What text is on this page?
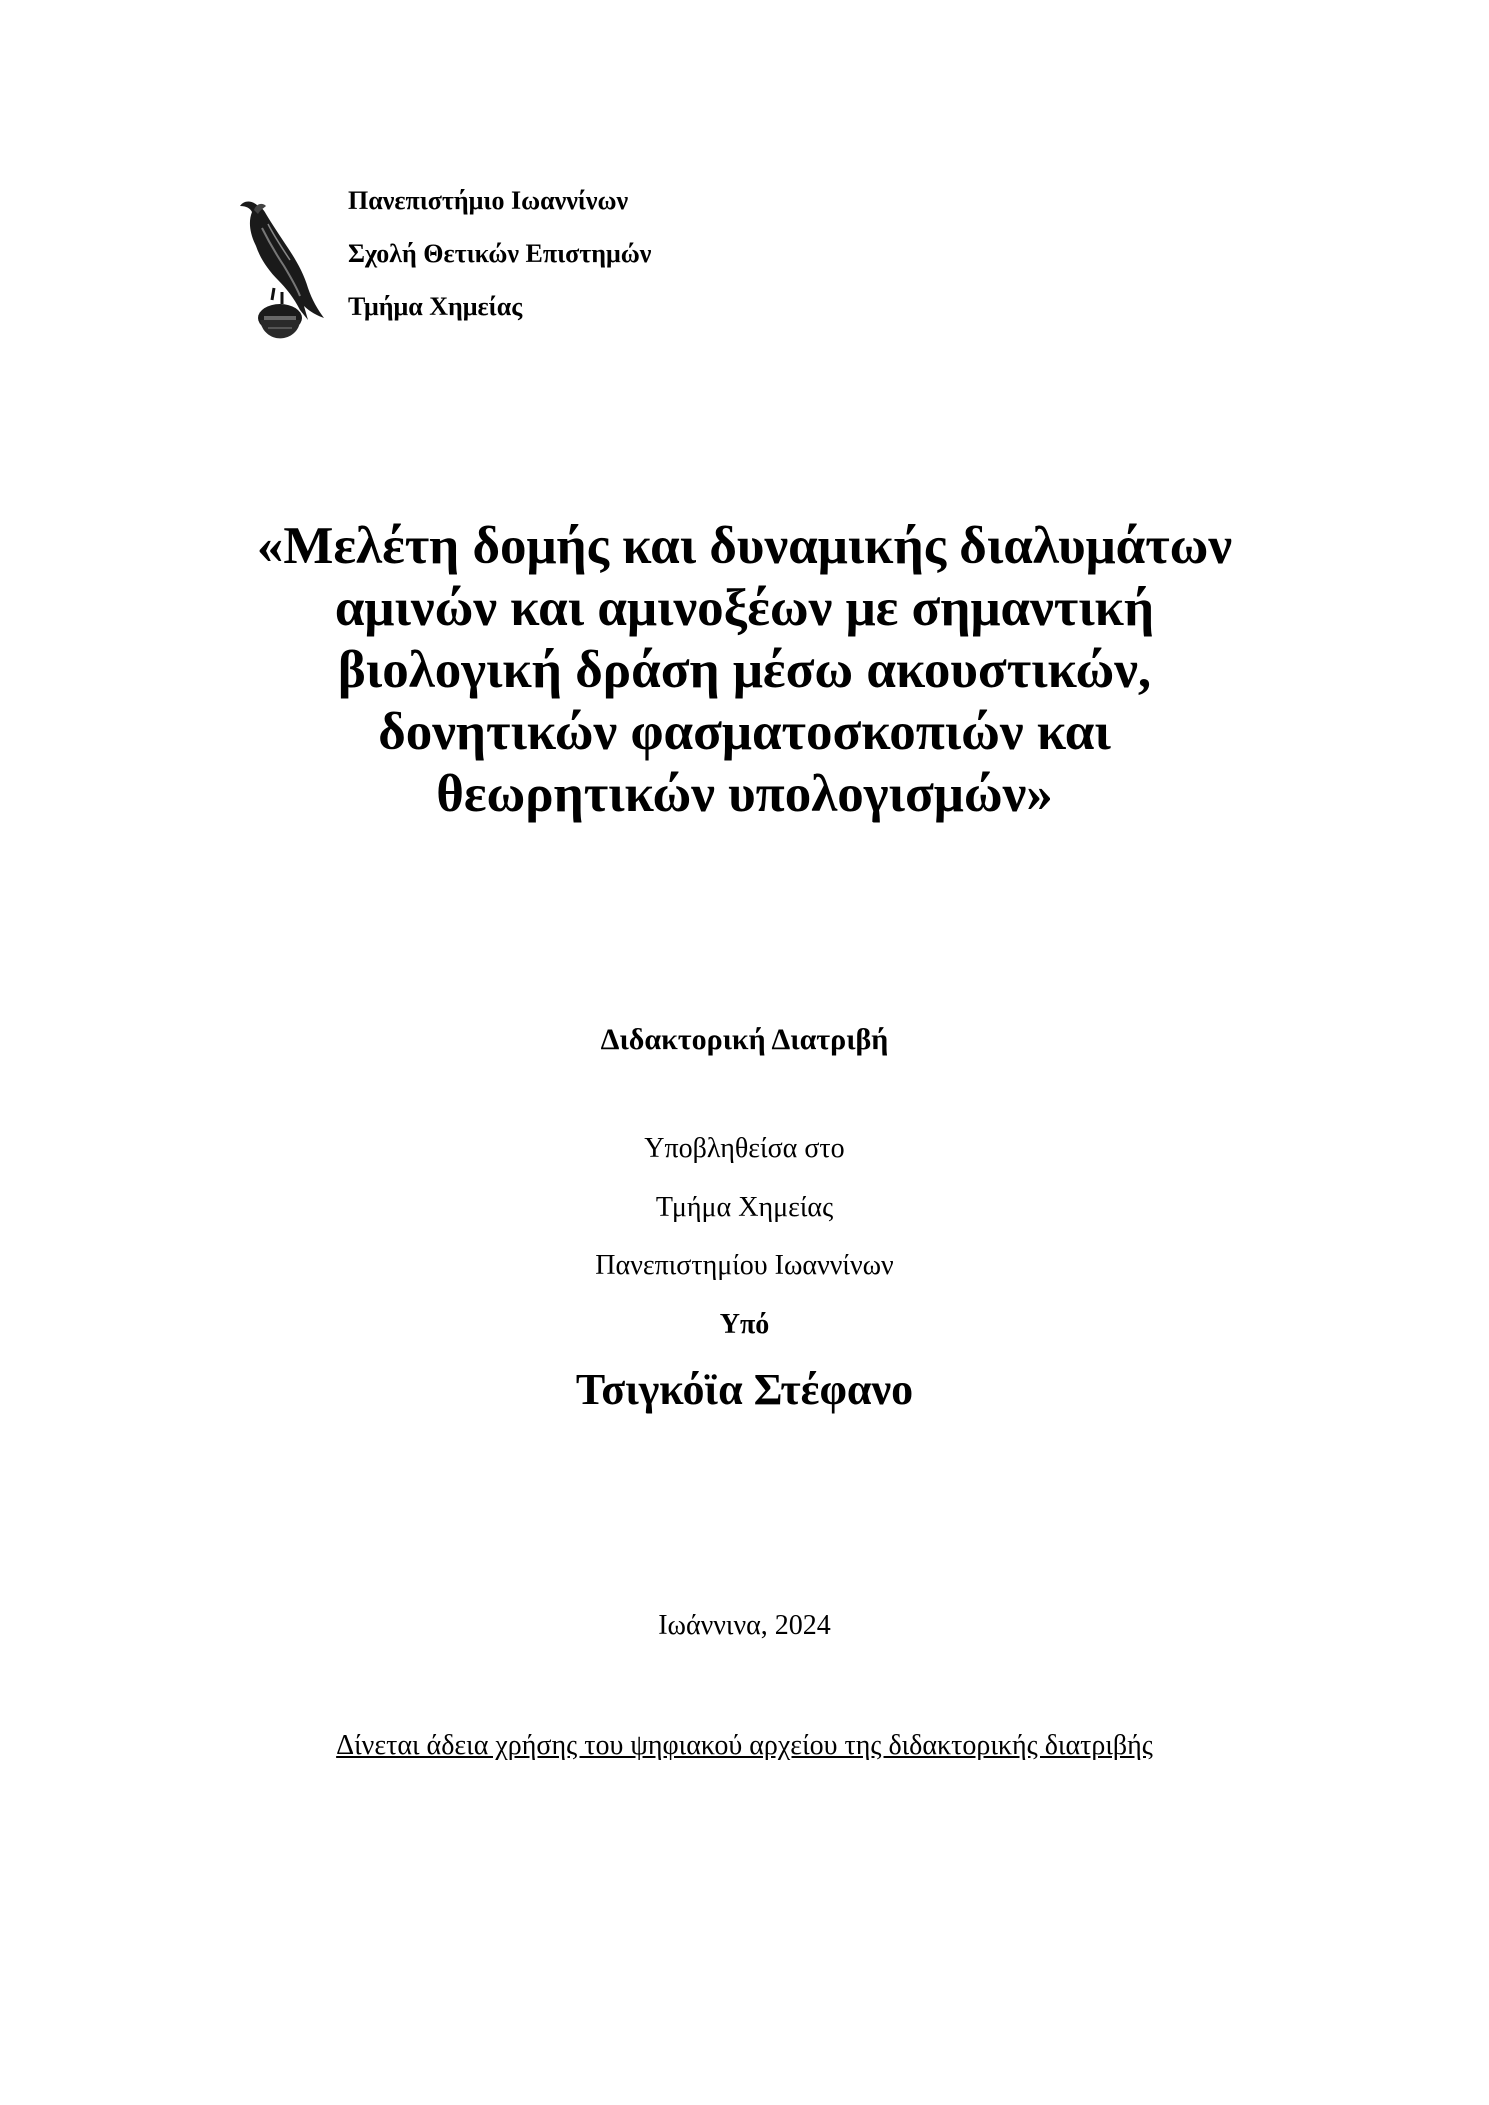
Πανεπιστήμιο Ιωαννίνων
Σχολή Θετικών Επιστημών
Τμήμα Χημείας
«Μελέτη δομής και δυναμικής διαλυμάτων
αμινών και αμινοξέων με σημαντική
βιολογική δράση μέσω ακουστικών,
δονητικών φασματοσκοπιών και
θεωρητικών υπολογισμών»
Διδακτορική Διατριβή
Υποβληθείσα στο
Τμήμα Χημείας
Πανεπιστημίου Ιωαννίνων
Υπό
Τσιγκόϊα Στέφανο
Ιωάννινα, 2024
Δίνεται άδεια χρήσης του ψηφιακού αρχείου της διδακτορικής διατριβής
